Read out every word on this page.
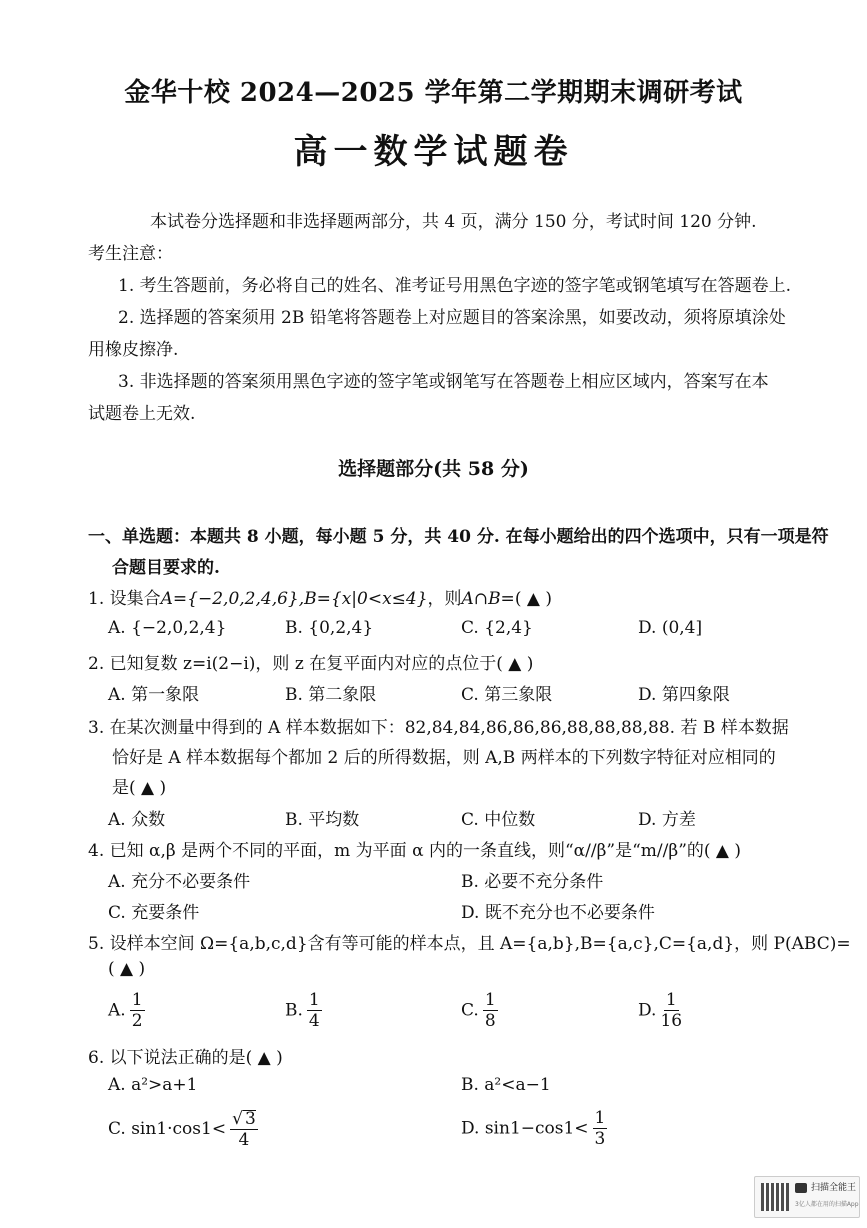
金华十校 2024—2025 学年第二学期期末调研考试
高一数学试题卷
本试卷分选择题和非选择题两部分，共 4 页，满分 150 分，考试时间 120 分钟.
考生注意：
1. 考生答题前，务必将自己的姓名、准考证号用黑色字迹的签字笔或钢笔填写在答题卷上.
2. 选择题的答案须用 2B 铅笔将答题卷上对应题目的答案涂黑，如要改动，须将原填涂处
用橡皮擦净.
3. 非选择题的答案须用黑色字迹的签字笔或钢笔写在答题卷上相应区域内，答案写在本
试题卷上无效.
选择题部分(共 58 分)
一、单选题：本题共 8 小题，每小题 5 分，共 40 分. 在每小题给出的四个选项中，只有一项是符
合题目要求的.
1. 设集合A={−2,0,2,4,6},B={x|0<x≤4}，则A∩B=( ▲ )
A. {−2,0,2,4}	B. {0,2,4}	C. {2,4}	D. (0,4]
2. 已知复数 z=i(2−i)，则 z 在复平面内对应的点位于( ▲ )
A. 第一象限	B. 第二象限	C. 第三象限	D. 第四象限
3. 在某次测量中得到的 A 样本数据如下：82,84,84,86,86,86,88,88,88,88. 若 B 样本数据
恰好是 A 样本数据每个都加 2 后的所得数据，则 A,B 两样本的下列数字特征对应相同的
是( ▲ )
A. 众数	B. 平均数	C. 中位数	D. 方差
4. 已知 α,β 是两个不同的平面，m 为平面 α 内的一条直线，则“α//β”是“m//β”的( ▲ )
A. 充分不必要条件	B. 必要不充分条件
C. 充要条件	D. 既不充分也不必要条件
5. 设样本空间 Ω={a,b,c,d}含有等可能的样本点，且 A={a,b},B={a,c},C={a,d}，则 P(ABC)=
( ▲ )
A. $\frac{1}{2}$	B. $\frac{1}{4}$	C. $\frac{1}{8}$	D. $\frac{1}{16}$
6. 以下说法正确的是( ▲ )
A. a²>a+1	B. a²<a−1
C. $\sin 1\cdot\cos 1< \frac{√ 3}{4}$	D. $\sin 1-\cos 1< \frac{1}{3}$
扫描全能王
3亿人都在用的扫描App
